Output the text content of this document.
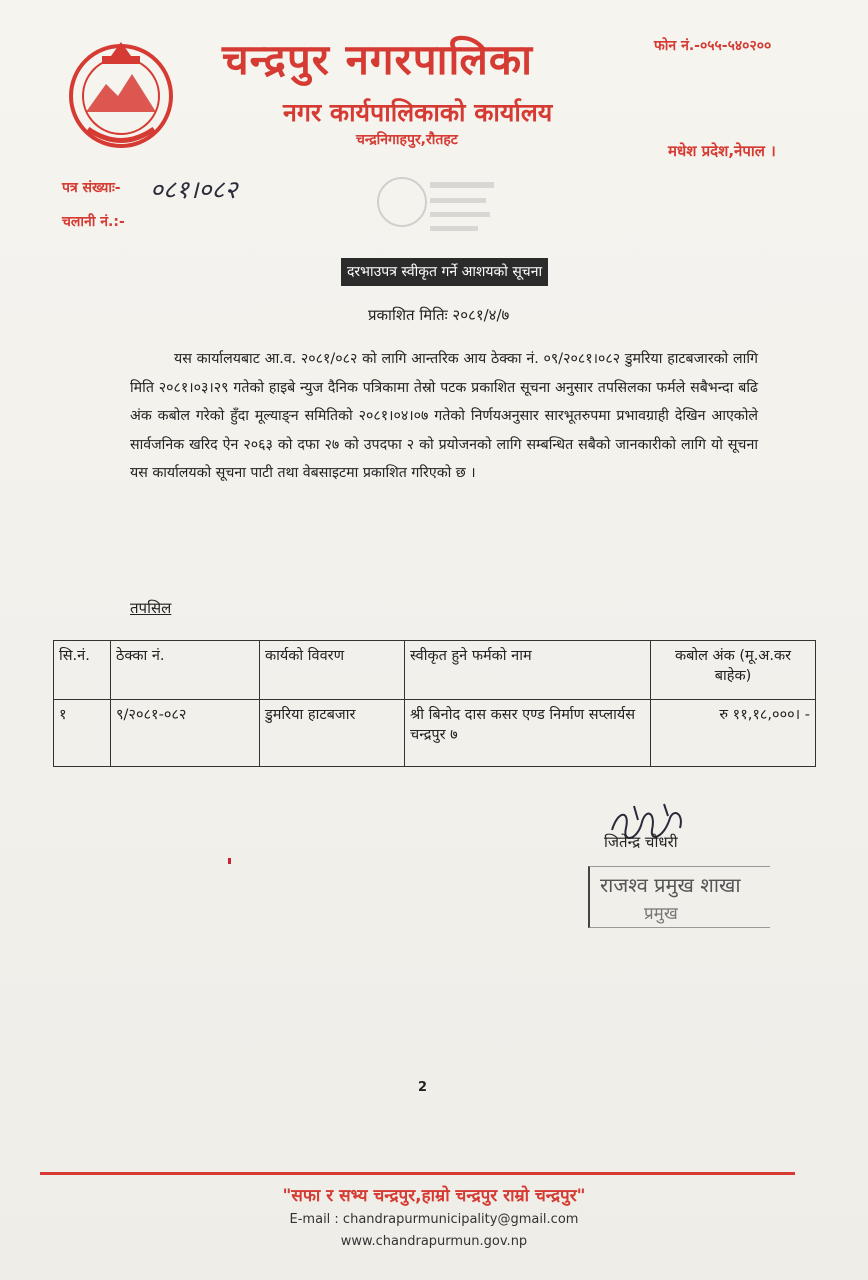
चन्द्रपुर नगरपालिका
नगर कार्यपालिकाको कार्यालय
चन्द्रनिगाहपुर,रौतहट
फोन नं.-०५५-५४०२००
मधेश प्रदेश,नेपाल ।
पत्र संख्याः- ०८१।०८२
चलानी नं.:-
दरभाउपत्र स्वीकृत गर्ने आशयको सूचना
प्रकाशित मितिः २०८१/४/७
यस कार्यालयबाट आ.व. २०८१/०८२ को लागि आन्तरिक आय ठेक्का नं. ०९/२०८१।०८२ डुमरिया हाटबजारको लागि मिति २०८१।०३।२९ गतेको हाइबे न्युज दैनिक पत्रिकामा तेस्रो पटक प्रकाशित सूचना अनुसार तपसिलका फर्मले सबैभन्दा बढि अंक कबोल गरेको हुँदा मूल्याङ्न समितिको २०८१।०४।०७ गतेको निर्णयअनुसार सारभूतरुपमा प्रभावग्राही देखिन आएकोले सार्वजनिक खरिद ऐन २०६३ को दफा २७ को उपदफा २ को प्रयोजनको लागि सम्बन्धित सबैको जानकारीको लागि यो सूचना यस कार्यालयको सूचना पाटी तथा वेबसाइटमा प्रकाशित गरिएको छ ।
तपसिल
सि.नं.	ठेक्का नं.	कार्यको विवरण	स्वीकृत हुने फर्मको नाम	कबोल अंक (मू.अ.कर बाहेक)
१	९/२०८१-०८२	डुमरिया हाटबजार	श्री बिनोद दास कसर एण्ड निर्माण सप्लार्यस चन्द्रपुर ७	रु ११,१८,०००। -
जितेन्द्र चौधरी
राजश्व प्रमुख शाखा
प्रमुख
2
"सफा र सभ्य चन्द्रपुर,हाम्रो चन्द्रपुर राम्रो चन्द्रपुर"
E-mail : chandrapurmunicipality@gmail.com
www.chandrapurmun.gov.np
